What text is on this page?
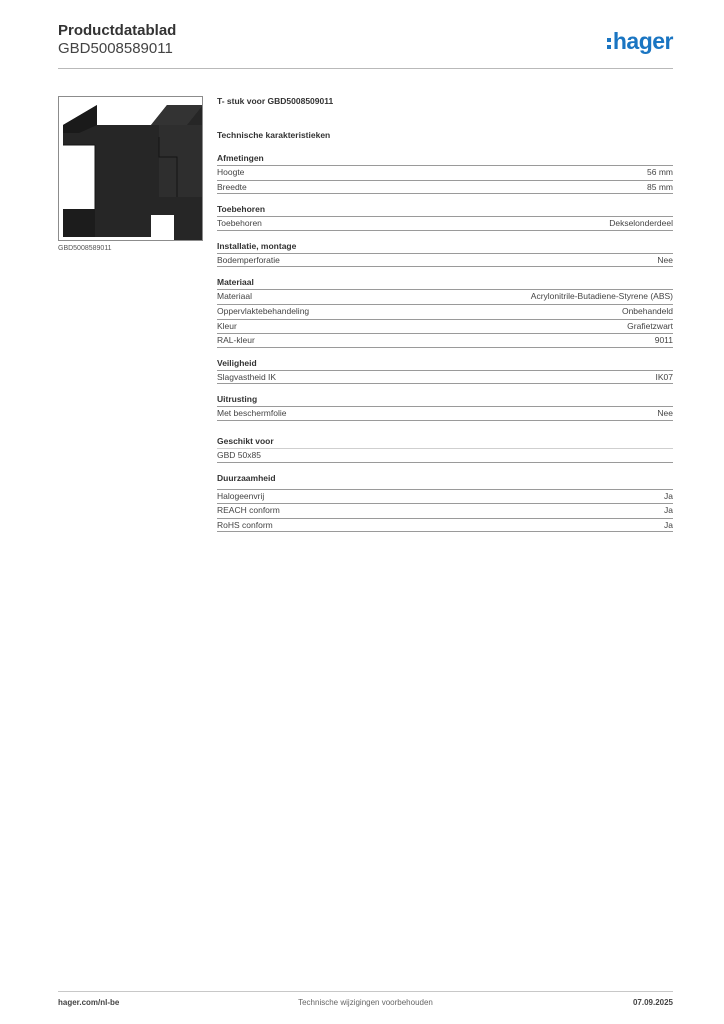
Productdatablad
GBD5008589011	hager
GBD5008589011
T- stuk voor GBD5008509011
Technische karakteristieken
Afmetingen
Hoogte	56 mm
Breedte	85 mm
Toebehoren
Toebehoren	Dekselonderdeel
Installatie, montage
Bodemperforatie	Nee
Materiaal
Materiaal	Acrylonitrile-Butadiene-Styrene (ABS)
Oppervlaktebehandeling	Onbehandeld
Kleur	Grafietzwart
RAL-kleur	9011
Veiligheid
Slagvastheid IK	IK07
Uitrusting
Met beschermfolie	Nee
Geschikt voor
GBD 50x85
Duurzaamheid
Halogeenvrij	Ja
REACH conform	Ja
RoHS conform	Ja
Technische wijzigingen voorbehouden
hager.com/nl-be	07.09.2025
